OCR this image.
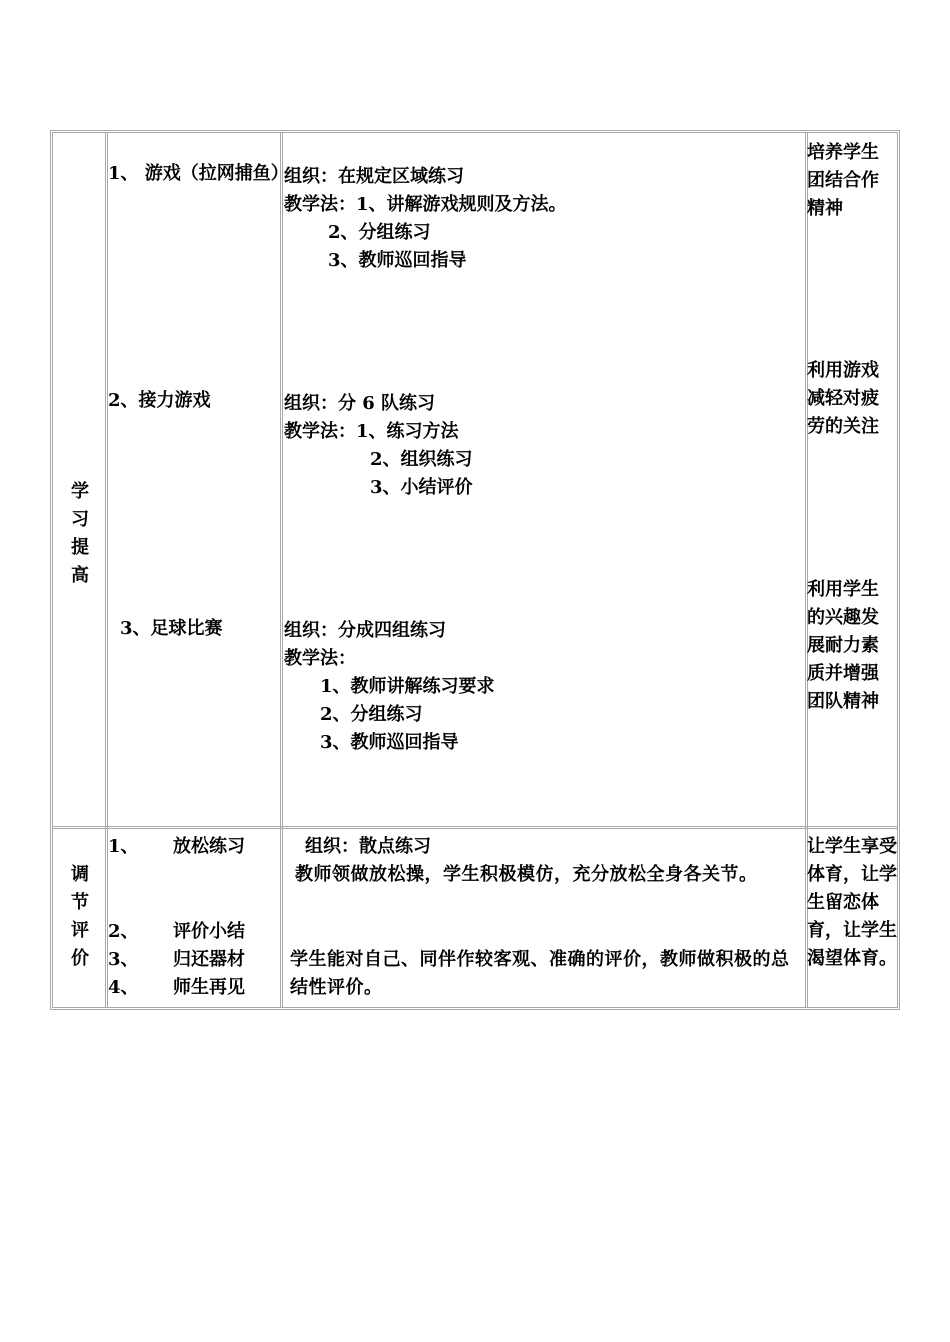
学
习
提
高
1、 游戏（拉网捕鱼）
组织：在规定区域练习
教学法：1、讲解游戏规则及方法。
2、分组练习
3、教师巡回指导
培养学生团结合作精神
2、接力游戏	组织：分 6 队练习
教学法：1、练习方法
2、组织练习
3、小结评价
利用游戏减轻对疲劳的关注
3、足球比赛	组织：分成四组练习
教学法：
1、教师讲解练习要求
2、分组练习
3、教师巡回指导
利用学生的兴趣发展耐力素质并增强团队精神
调
节
评
价
1、 放松练习
2、 评价小结
3、 归还器材
4、 师生再见
组织：散点练习
教师领做放松操，学生积极模仿，充分放松全身各关节。
学生能对自己、同伴作较客观、准确的评价，教师做积极的总结性评价。
让学生享受体育，让学生留恋体育，让学生渴望体育。
